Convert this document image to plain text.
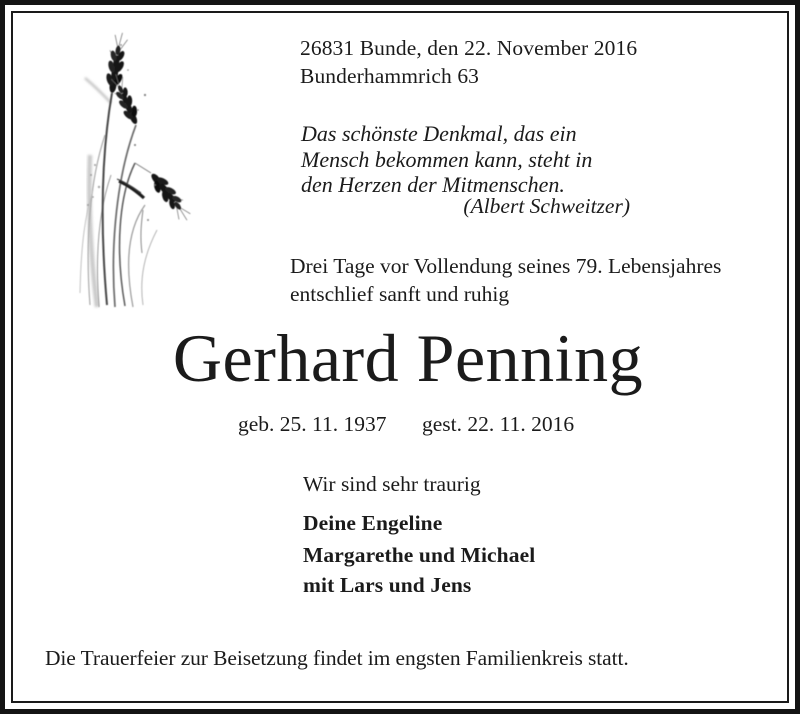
26831 Bunde, den 22. November 2016
Bunderhammrich 63
Das schönste Denkmal, das ein
Mensch bekommen kann, steht in
den Herzen der Mitmenschen.
(Albert Schweitzer)
Drei Tage vor Vollendung seines 79. Lebensjahres
entschlief sanft und ruhig
Gerhard Penning
geb. 25. 11. 1937 gest. 22. 11. 2016
Wir sind sehr traurig
Deine Engeline
Margarethe und Michael
mit Lars und Jens
Die Trauerfeier zur Beisetzung findet im engsten Familienkreis statt.
